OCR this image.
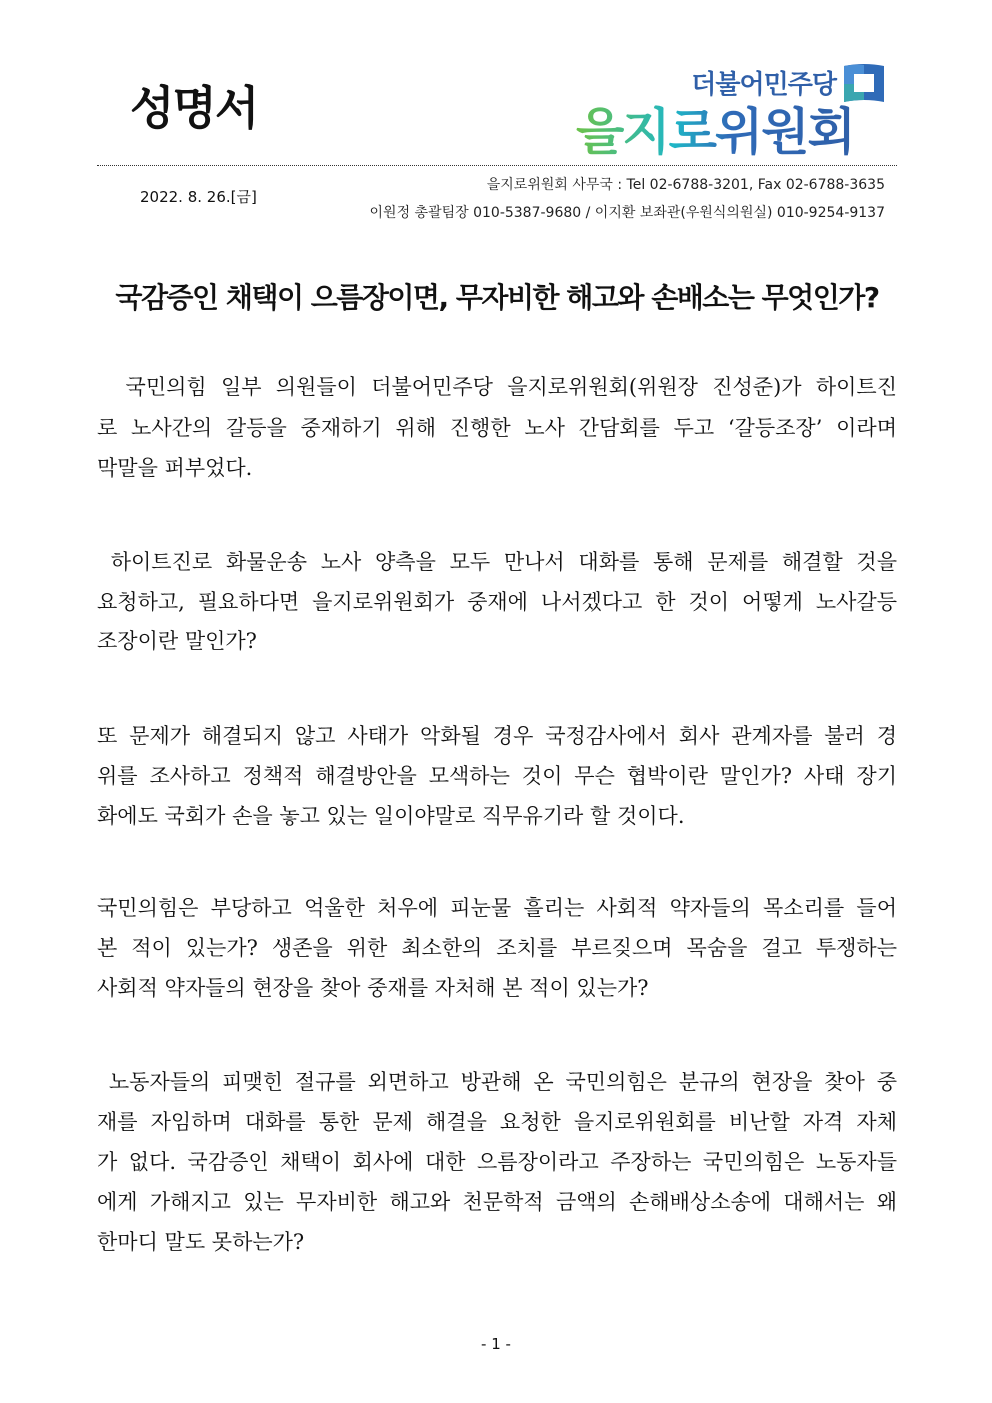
성명서	을지로위원회
더불어민주당
2022. 8. 26.[금]
을지로위원회 사무국 : Tel 02-6788-3201, Fax 02-6788-3635
이원정 총괄팀장 010-5387-9680 / 이지환 보좌관(우원식의원실) 010-9254-9137
국감증인 채택이 으름장이면, 무자비한 해고와 손배소는 무엇인가?
국민의힘 일부 의원들이 더불어민주당 을지로위원회(위원장 진성준)가 하이트진
로 노사간의 갈등을 중재하기 위해 진행한 노사 간담회를 두고 ‘갈등조장’ 이라며
막말을 퍼부었다.
하이트진로 화물운송 노사 양측을 모두 만나서 대화를 통해 문제를 해결할 것을
요청하고, 필요하다면 을지로위원회가 중재에 나서겠다고 한 것이 어떻게 노사갈등
조장이란 말인가?
또 문제가 해결되지 않고 사태가 악화될 경우 국정감사에서 회사 관계자를 불러 경
위를 조사하고 정책적 해결방안을 모색하는 것이 무슨 협박이란 말인가? 사태 장기
화에도 국회가 손을 놓고 있는 일이야말로 직무유기라 할 것이다.
국민의힘은 부당하고 억울한 처우에 피눈물 흘리는 사회적 약자들의 목소리를 들어
본 적이 있는가? 생존을 위한 최소한의 조치를 부르짖으며 목숨을 걸고 투쟁하는
사회적 약자들의 현장을 찾아 중재를 자처해 본 적이 있는가?
노동자들의 피맺힌 절규를 외면하고 방관해 온 국민의힘은 분규의 현장을 찾아 중
재를 자임하며 대화를 통한 문제 해결을 요청한 을지로위원회를 비난할 자격 자체
가 없다. 국감증인 채택이 회사에 대한 으름장이라고 주장하는 국민의힘은 노동자들
에게 가해지고 있는 무자비한 해고와 천문학적 금액의 손해배상소송에 대해서는 왜
한마디 말도 못하는가?
- 1 -
